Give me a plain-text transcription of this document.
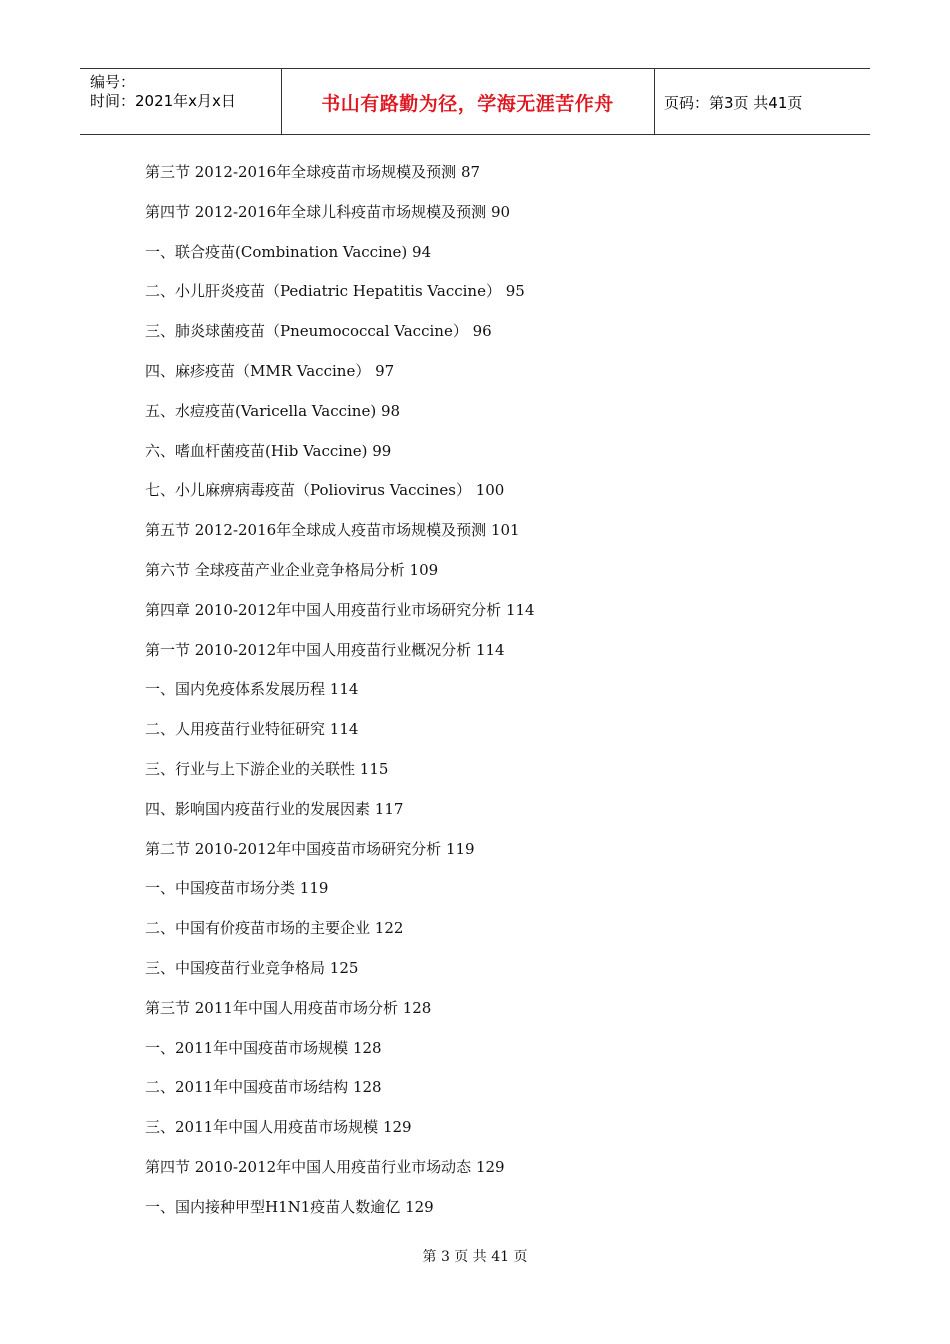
编号：
时间：2021年x月x日	书山有路勤为径，学海无涯苦作舟	页码：第3页 共41页
第三节 2012-2016年全球疫苗市场规模及预测 87
第四节 2012-2016年全球儿科疫苗市场规模及预测 90
一、联合疫苗(Combination Vaccine) 94
二、小儿肝炎疫苗（Pediatric Hepatitis Vaccine） 95
三、肺炎球菌疫苗（Pneumococcal Vaccine） 96
四、麻疹疫苗（MMR Vaccine） 97
五、水痘疫苗(Varicella Vaccine) 98
六、嗜血杆菌疫苗(Hib Vaccine) 99
七、小儿麻痹病毒疫苗（Poliovirus Vaccines） 100
第五节 2012-2016年全球成人疫苗市场规模及预测 101
第六节 全球疫苗产业企业竞争格局分析 109
第四章 2010-2012年中国人用疫苗行业市场研究分析 114
第一节 2010-2012年中国人用疫苗行业概况分析 114
一、国内免疫体系发展历程 114
二、人用疫苗行业特征研究 114
三、行业与上下游企业的关联性 115
四、影响国内疫苗行业的发展因素 117
第二节 2010-2012年中国疫苗市场研究分析 119
一、中国疫苗市场分类 119
二、中国有价疫苗市场的主要企业 122
三、中国疫苗行业竞争格局 125
第三节 2011年中国人用疫苗市场分析 128
一、2011年中国疫苗市场规模 128
二、2011年中国疫苗市场结构 128
三、2011年中国人用疫苗市场规模 129
第四节 2010-2012年中国人用疫苗行业市场动态 129
一、国内接种甲型H1N1疫苗人数逾亿 129
第 3 页 共 41 页
